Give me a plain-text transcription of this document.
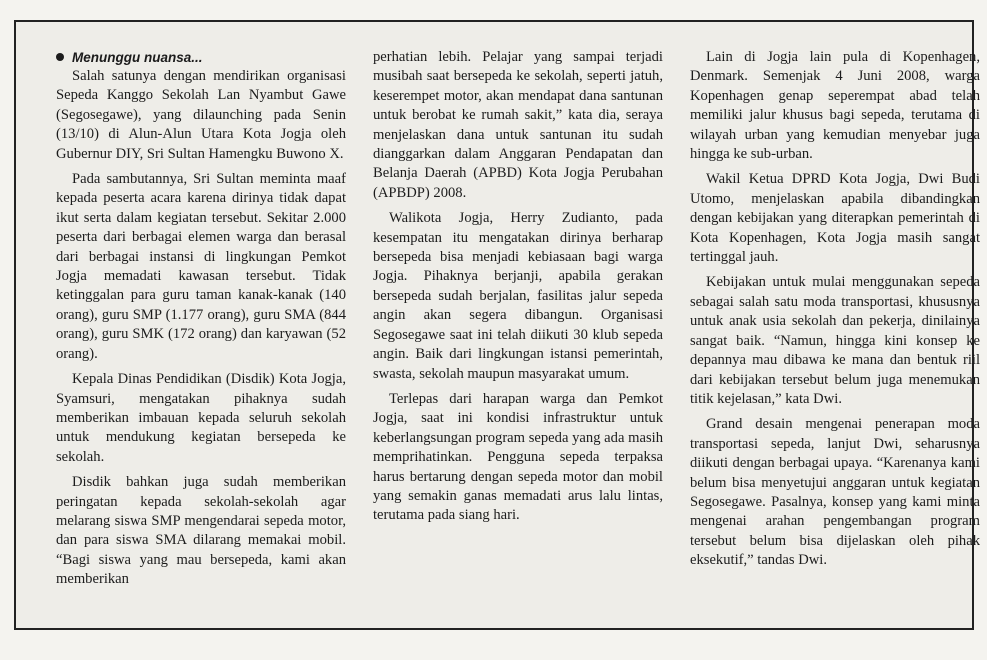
Menunggu nuansa...

Salah satunya dengan mendirikan organisasi Sepeda Kanggo Sekolah Lan Nyambut Gawe (Segosegawe), yang dilaunching pada Senin (13/10) di Alun-Alun Utara Kota Jogja oleh Gubernur DIY, Sri Sultan Hamengku Buwono X.

Pada sambutannya, Sri Sultan meminta maaf kepada peserta acara karena dirinya tidak dapat ikut serta dalam kegiatan tersebut. Sekitar 2.000 peserta dari berbagai elemen warga dan berasal dari berbagai instansi di lingkungan Pemkot Jogja memadati kawasan tersebut. Tidak ketinggalan para guru taman kanak-kanak (140 orang), guru SMP (1.177 orang), guru SMA (844 orang), guru SMK (172 orang) dan karyawan (52 orang).

Kepala Dinas Pendidikan (Disdik) Kota Jogja, Syamsuri, mengatakan pihaknya sudah memberikan imbauan kepada seluruh sekolah untuk mendukung kegiatan bersepeda ke sekolah.

Disdik bahkan juga sudah memberikan peringatan kepada sekolah-sekolah agar melarang siswa SMP mengendarai sepeda motor, dan para siswa SMA dilarang memakai mobil. “Bagi siswa yang mau bersepeda, kami akan memberikan

perhatian lebih. Pelajar yang sampai terjadi musibah saat bersepeda ke sekolah, seperti jatuh, keserempet motor, akan mendapat dana santunan untuk berobat ke rumah sakit,” kata dia, seraya menjelaskan dana untuk santunan itu sudah dianggarkan dalam Anggaran Pendapatan dan Belanja Daerah (APBD) Kota Jogja Perubahan (APBDP) 2008.

Walikota Jogja, Herry Zudianto, pada kesempatan itu mengatakan dirinya berharap bersepeda bisa menjadi kebiasaan bagi warga Jogja. Pihaknya berjanji, apabila gerakan bersepeda sudah berjalan, fasilitas jalur sepeda angin akan segera dibangun. Organisasi Segosegawe saat ini telah diikuti 30 klub sepeda angin. Baik dari lingkungan istansi pemerintah, swasta, sekolah maupun masyarakat umum.

Terlepas dari harapan warga dan Pemkot Jogja, saat ini kondisi infrastruktur untuk keberlangsungan program sepeda yang ada masih memprihatinkan. Pengguna sepeda terpaksa harus bertarung dengan sepeda motor dan mobil yang semakin ganas memadati arus lalu lintas, terutama pada siang hari.

Lain di Jogja lain pula di Kopenhagen, Denmark. Semenjak 4 Juni 2008, warga Kopenhagen genap seperempat abad telah memiliki jalur khusus bagi sepeda, terutama di wilayah urban yang kemudian menyebar juga hingga ke sub-urban.

Wakil Ketua DPRD Kota Jogja, Dwi Budi Utomo, menjelaskan apabila dibandingkan dengan kebijakan yang diterapkan pemerintah di Kota Kopenhagen, Kota Jogja masih sangat tertinggal jauh.

Kebijakan untuk mulai menggunakan sepeda sebagai salah satu moda transportasi, khususnya untuk anak usia sekolah dan pekerja, dinilainya sangat baik. “Namun, hingga kini konsep ke depannya mau dibawa ke mana dan bentuk riil dari kebijakan tersebut belum juga menemukan titik kejelasan,” kata Dwi.

Grand desain mengenai penerapan moda transportasi sepeda, lanjut Dwi, seharusnya diikuti dengan berbagai upaya. “Karenanya kami belum bisa menyetujui anggaran untuk kegiatan Segosegawe. Pasalnya, konsep yang kami minta mengenai arahan pengembangan program tersebut belum bisa dijelaskan oleh pihak eksekutif,” tandas Dwi.
